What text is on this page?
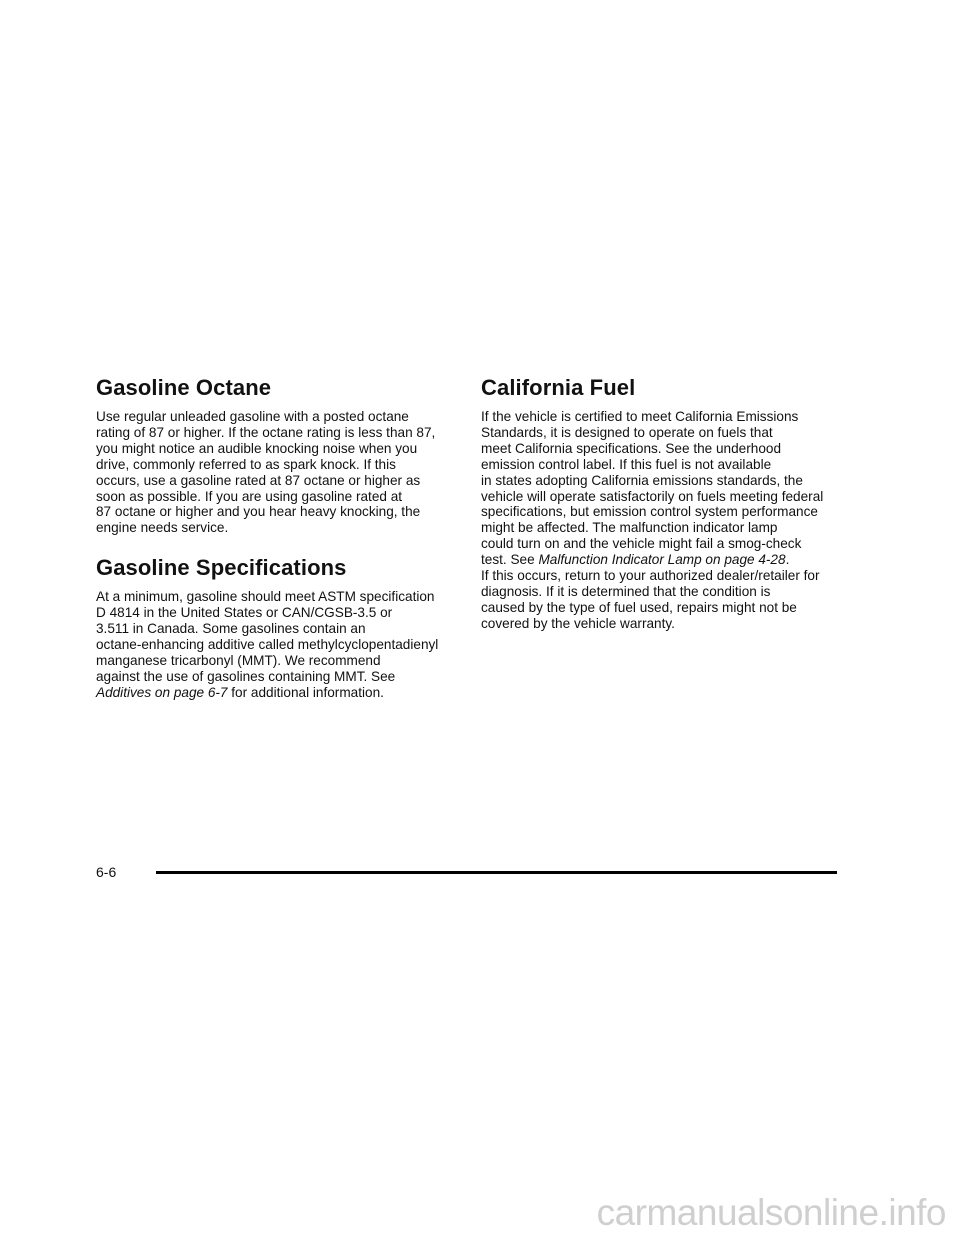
Gasoline Octane

Use regular unleaded gasoline with a posted octane
rating of 87 or higher. If the octane rating is less than 87,
you might notice an audible knocking noise when you
drive, commonly referred to as spark knock. If this
occurs, use a gasoline rated at 87 octane or higher as
soon as possible. If you are using gasoline rated at
87 octane or higher and you hear heavy knocking, the
engine needs service.

Gasoline Specifications

At a minimum, gasoline should meet ASTM specification
D 4814 in the United States or CAN/CGSB-3.5 or
3.511 in Canada. Some gasolines contain an
octane-enhancing additive called methylcyclopentadienyl
manganese tricarbonyl (MMT). We recommend
against the use of gasolines containing MMT. See
Additives on page 6-7 for additional information.

California Fuel

If the vehicle is certified to meet California Emissions
Standards, it is designed to operate on fuels that
meet California specifications. See the underhood
emission control label. If this fuel is not available
in states adopting California emissions standards, the
vehicle will operate satisfactorily on fuels meeting federal
specifications, but emission control system performance
might be affected. The malfunction indicator lamp
could turn on and the vehicle might fail a smog-check
test. See Malfunction Indicator Lamp on page 4-28.
If this occurs, return to your authorized dealer/retailer for
diagnosis. If it is determined that the condition is
caused by the type of fuel used, repairs might not be
covered by the vehicle warranty.

6-6
carmanualsonline.info
